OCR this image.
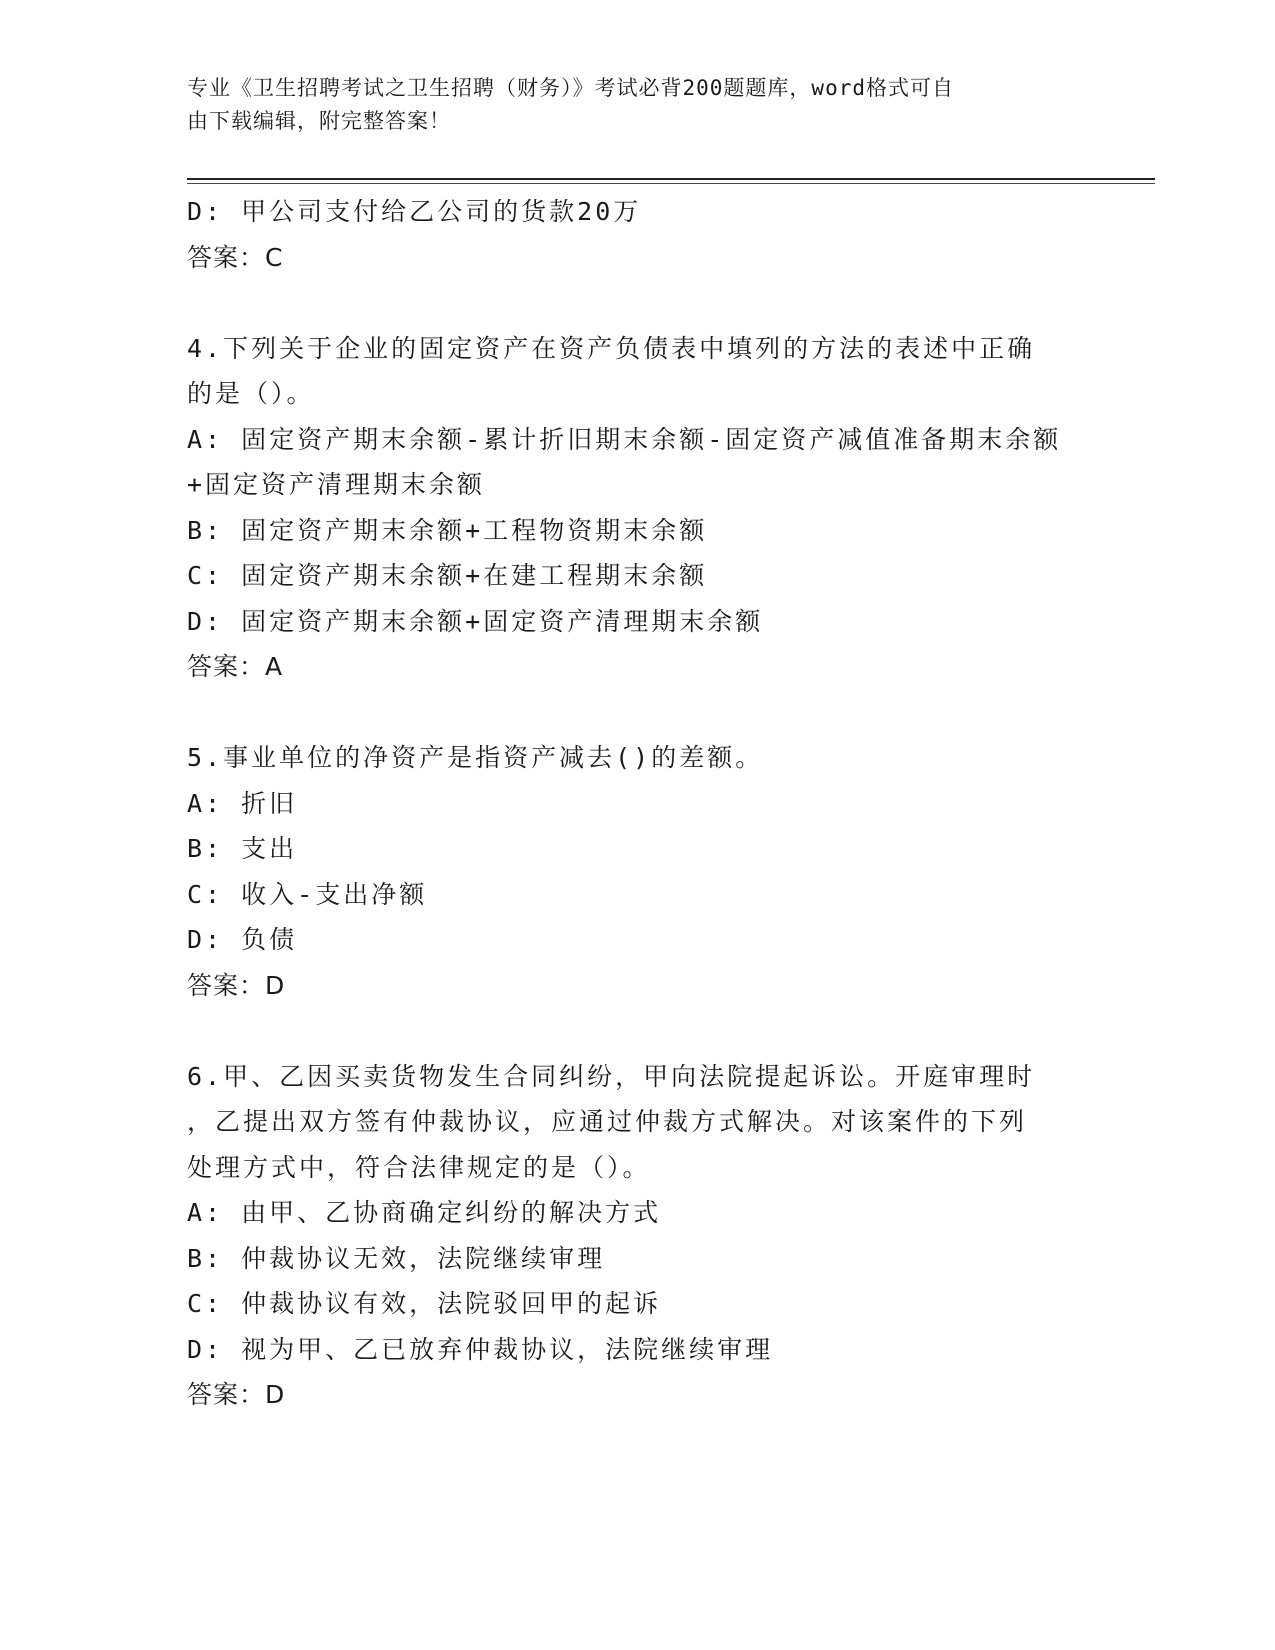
专业《卫生招聘考试之卫生招聘（财务）》考试必背200题题库，word格式可自
由下载编辑，附完整答案！
D: 甲公司支付给乙公司的货款20万
答案：C
4.下列关于企业的固定资产在资产负债表中填列的方法的表述中正确
的是（）。
A: 固定资产期末余额-累计折旧期末余额-固定资产减值准备期末余额
+固定资产清理期末余额
B: 固定资产期末余额+工程物资期末余额
C: 固定资产期末余额+在建工程期末余额
D: 固定资产期末余额+固定资产清理期末余额
答案：A
5.事业单位的净资产是指资产减去()的差额。
A: 折旧
B: 支出
C: 收入-支出净额
D: 负债
答案：D
6.甲、乙因买卖货物发生合同纠纷，甲向法院提起诉讼。开庭审理时
，乙提出双方签有仲裁协议，应通过仲裁方式解决。对该案件的下列
处理方式中，符合法律规定的是（）。
A: 由甲、乙协商确定纠纷的解决方式
B: 仲裁协议无效，法院继续审理
C: 仲裁协议有效，法院驳回甲的起诉
D: 视为甲、乙已放弃仲裁协议，法院继续审理
答案：D
